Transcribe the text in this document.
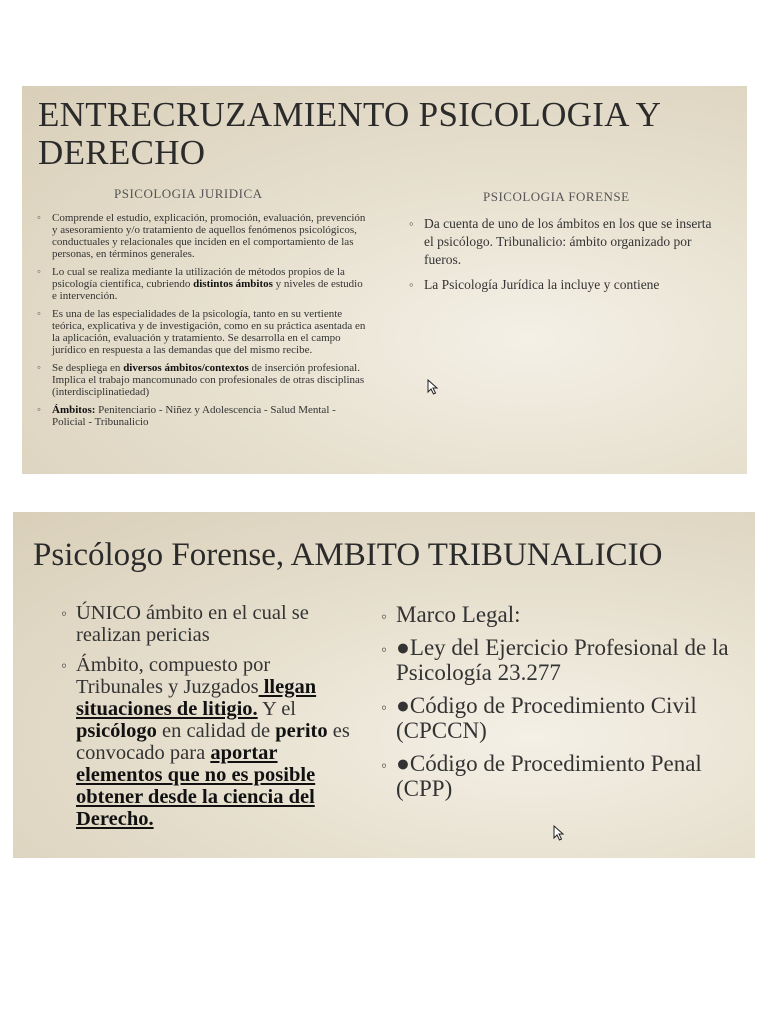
ENTRECRUZAMIENTO PSICOLOGIA Y DERECHO
PSICOLOGIA JURIDICA	PSICOLOGIA FORENSE
◦ Comprende el estudio, explicación, promoción, evaluación, prevención y asesoramiento y/o tratamiento de aquellos fenómenos psicológicos, conductuales y relacionales que inciden en el comportamiento de las personas, en términos generales.
◦ Lo cual se realiza mediante la utilización de métodos propios de la psicología científica, cubriendo distintos ámbitos y niveles de estudio e intervención.
◦ Es una de las especialidades de la psicología, tanto en su vertiente teórica, explicativa y de investigación, como en su práctica asentada en la aplicación, evaluación y tratamiento. Se desarrolla en el campo jurídico en respuesta a las demandas que del mismo recibe.
◦ Se despliega en diversos ámbitos/contextos de inserción profesional. Implica el trabajo mancomunado con profesionales de otras disciplinas (interdisciplinatiedad)
◦ Ámbitos: Penitenciario - Niñez y Adolescencia - Salud Mental -Policial - Tribunalicio
◦ Da cuenta de uno de los ámbitos en los que se inserta el psicólogo. Tribunalicio: ámbito organizado por fueros.
◦ La Psicología Jurídica la incluye y contiene
Psicólogo Forense, AMBITO TRIBUNALICIO
◦ ÚNICO ámbito en el cual se realizan pericias
◦ Ámbito, compuesto por Tribunales y Juzgados llegan situaciones de litigio. Y el psicólogo en calidad de perito es convocado para aportar elementos que no es posible obtener desde la ciencia del Derecho.
◦ Marco Legal:
◦ ●Ley del Ejercicio Profesional de la Psicología 23.277
◦ ●Código de Procedimiento Civil (CPCCN)
◦ ●Código de Procedimiento Penal (CPP)
